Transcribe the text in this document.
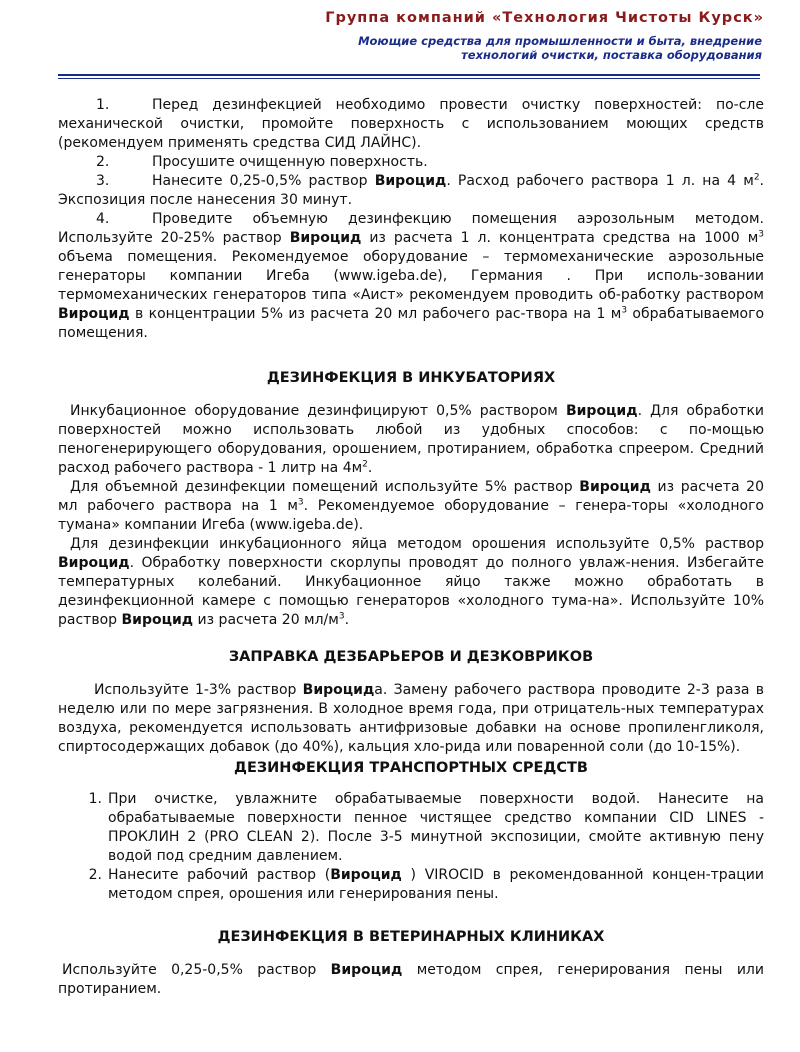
Группа компаний «Технология Чистоты Курск»
Моющие средства для промышленности и быта, внедрение
технологий очистки, поставка оборудования

1.	Перед дезинфекцией необходимо провести очистку поверхностей: по-сле механической очистки, промойте поверхность с использованием моющих средств (рекомендуем применять средства СИД ЛАЙНС).

2.	Просушите очищенную поверхность.

3.	Нанесите 0,25-0,5% раствор Вироцид. Расход рабочего раствора 1 л. на 4 $м^2$. Экспозиция после нанесения 30 минут.

4.	Проведите объемную дезинфекцию помещения аэрозольным методом. Используйте 20-25% раствор Вироцид из расчета 1 л. концентрата средства на 1000 $м^3$ объема помещения. Рекомендуемое оборудование – термомеханические аэрозольные генераторы компании Игеба (www.igeba.de), Германия . При исполь-зовании термомеханических генераторов типа «Аист» рекомендуем проводить об-работку раствором Вироцид в концентрации 5% из расчета 20 мл рабочего рас-твора на 1 $м^3$ обрабатываемого помещения.

ДЕЗИНФЕКЦИЯ В ИНКУБАТОРИЯХ

Инкубационное оборудование дезинфицируют 0,5% раствором Вироцид. Для обработки поверхностей можно использовать любой из удобных способов: с по-мощью пеногенерирующего оборудования, орошением, протиранием, обработка спреером. Средний расход рабочего раствора - 1 литр на $4м^2$.

Для объемной дезинфекции помещений используйте 5% раствор Вироцид из расчета 20 мл рабочего раствора на 1 $м^3$. Рекомендуемое оборудование – генера-торы «холодного тумана» компании Игеба (www.igeba.de).

Для дезинфекции инкубационного яйца методом орошения используйте 0,5% раствор Вироцид. Обработку поверхности скорлупы проводят до полного увлаж-нения. Избегайте температурных колебаний. Инкубационное яйцо также можно обработать в дезинфекционной камере с помощью генераторов «холодного тума-на». Используйте 10% раствор Вироцид из расчета 20 $мл/м^3$.

ЗАПРАВКА ДЕЗБАРЬЕРОВ И ДЕЗКОВРИКОВ

Используйте 1-3% раствор Вироцида. Замену рабочего раствора проводите 2-3 раза в неделю или по мере загрязнения. В холодное время года, при отрицатель-ных температурах воздуха, рекомендуется использовать антифризовые добавки на основе пропиленгликоля, спиртосодержащих добавок (до 40%), кальция хло-рида или поваренной соли (до 10-15%).

ДЕЗИНФЕКЦИЯ ТРАНСПОРТНЫХ СРЕДСТВ
1. При очистке, увлажните обрабатываемые поверхности водой. Нанесите на обрабатываемые поверхности пенное чистящее средство компании CID LINES - ПРОКЛИН 2 (PRO CLEAN 2). После 3-5 минутной экспозиции, смойте активную пену водой под средним давлением.
2. Нанесите рабочий раствор (Вироцид ) VIROCID в рекомендованной концен-трации методом спрея, орошения или генерирования пены.
ДЕЗИНФЕКЦИЯ В ВЕТЕРИНАРНЫХ КЛИНИКАХ

Используйте 0,25-0,5% раствор Вироцид методом спрея, генерирования пены или протиранием.
